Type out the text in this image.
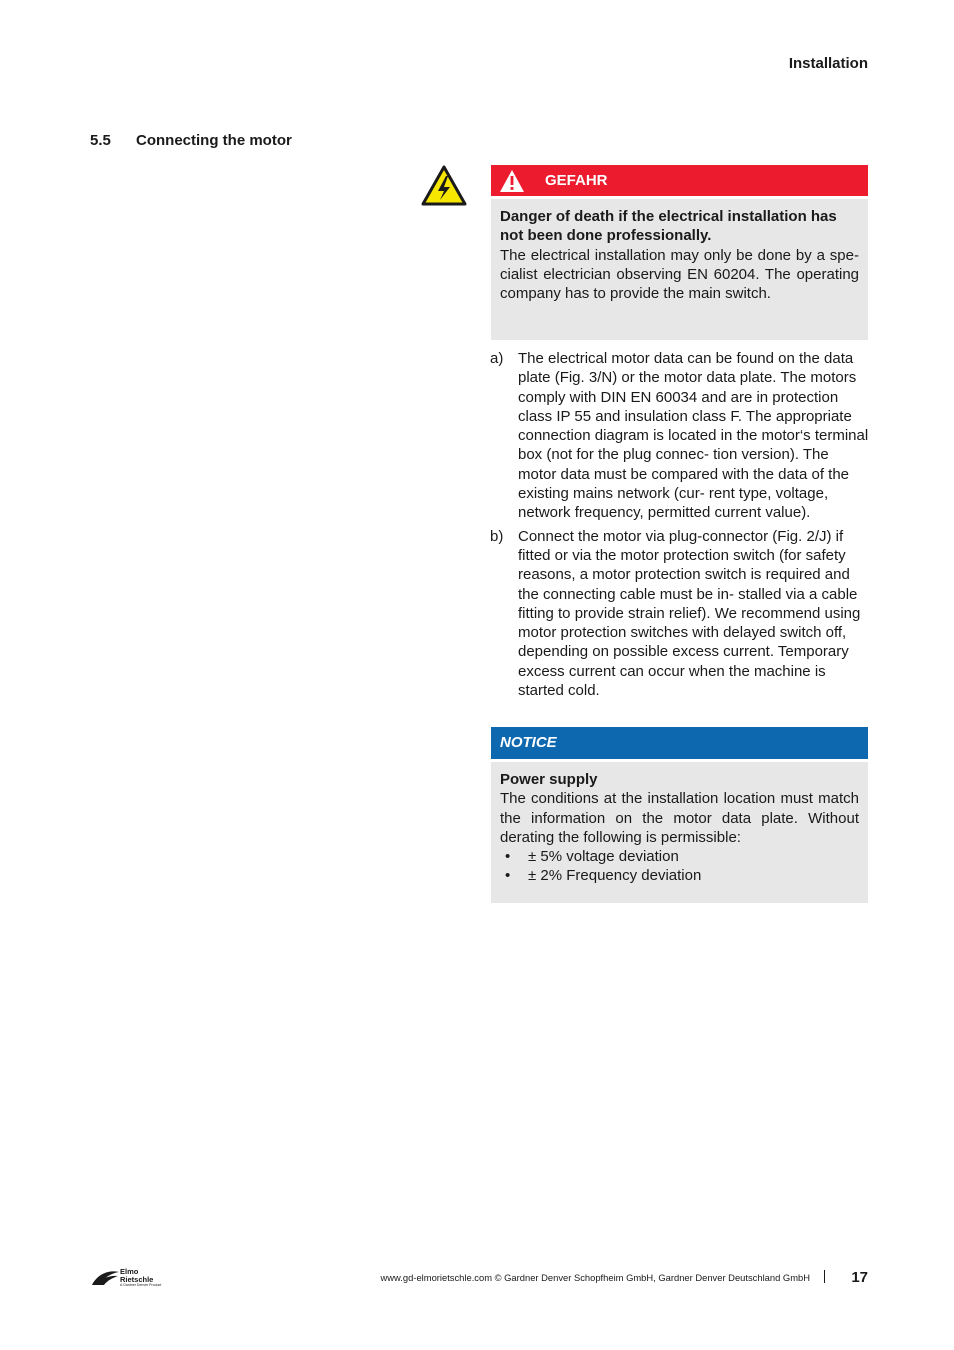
Installation
5.5 Connecting the motor
GEFAHR

Danger of death if the electrical installation has not been done professionally.

The electrical installation may only be done by a spe- cialist electrician observing EN 60204. The operating company has to provide the main switch.

a) The electrical motor data can be found on the data plate (Fig. 3/N) or the motor data plate. The motors comply with DIN EN 60034 and are in protection class IP 55 and insulation class F. The appropriate connection diagram is located in the motor‘s terminal box (not for the plug connec- tion version). The motor data must be compared with the data of the existing mains network (cur- rent type, voltage, network frequency, permitted current value).
b) Connect the motor via plug-connector (Fig. 2/J) if fitted or via the motor protection switch (for safety reasons, a motor protection switch is required and the connecting cable must be in- stalled via a cable fitting to provide strain relief). We recommend using motor protection switches with delayed switch off, depending on possible excess current. Temporary excess current can occur when the machine is started cold.
NOTICE

Power supply

The conditions at the installation location must match the information on the motor data plate. Without derating the following is permissible:

• ± 5% voltage deviation
• ± 2% Frequency deviation
Elmo
Rietschle
A Gardner Denver Product
www.gd-elmorietschle.com © Gardner Denver Schopfheim GmbH, Gardner Denver Deutschland GmbH	17
